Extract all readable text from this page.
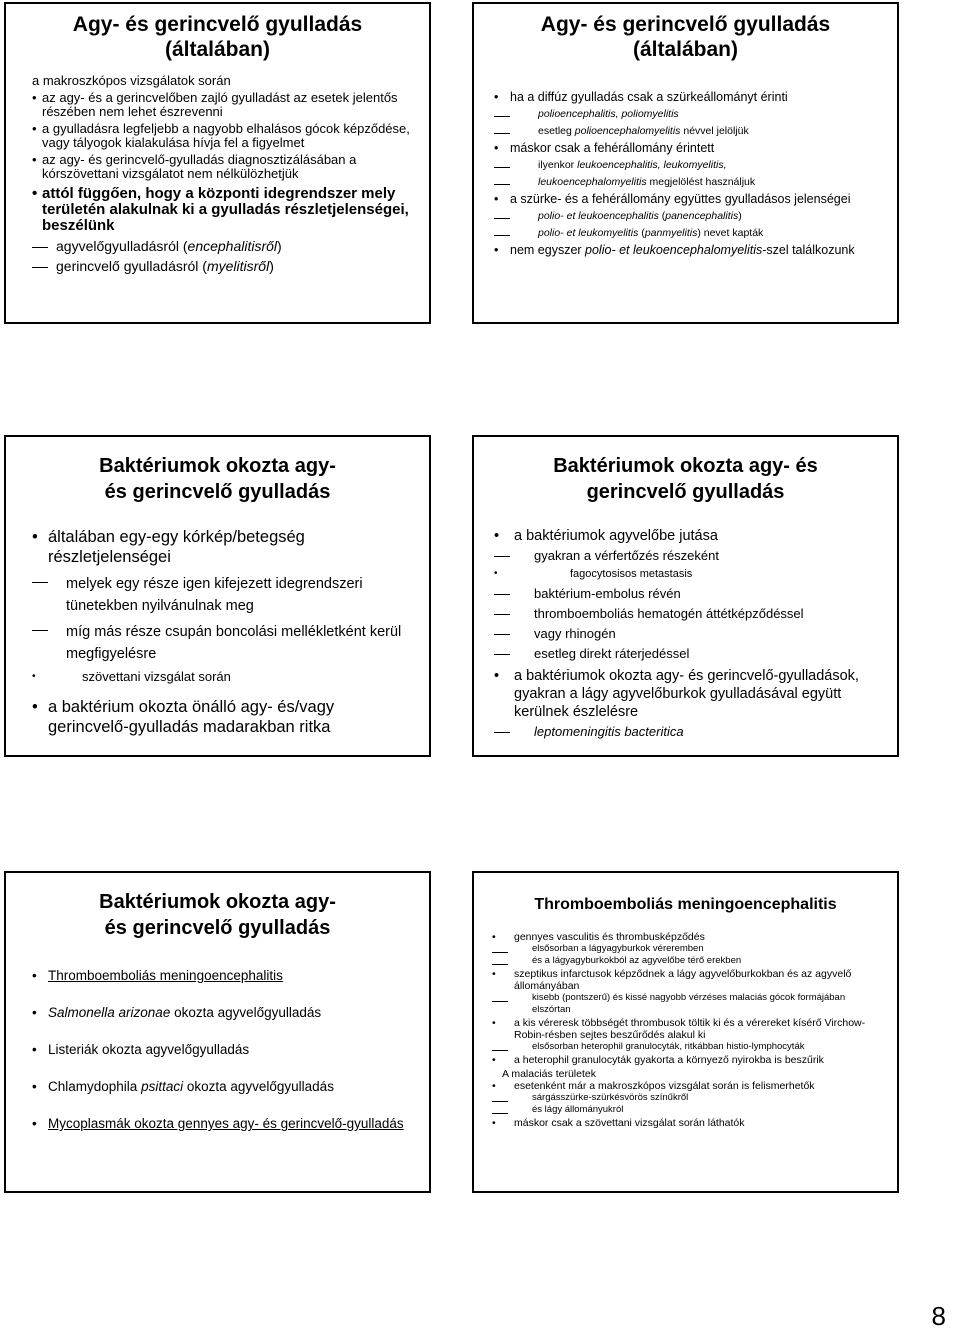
Agy- és gerincvelő gyulladás
(általában)
a makroszkópos vizsgálatok során
• az agy- és a gerincvelőben zajló gyulladást az esetek jelentős részében nem lehet észrevenni
• a gyulladásra legfeljebb a nagyobb elhalásos gócok képződése, vagy tályogok kialakulása hívja fel a figyelmet
• az agy- és gerincvelő-gyulladás diagnosztizálásában a kórszövettani vizsgálatot nem nélkülözhetjük
• attól függően, hogy a központi idegrendszer mely területén alakulnak ki a gyulladás részletjelenségei, beszélünk
agyvelőgyulladásról (encephalitisről)
gerincvelő gyulladásról (myelitisről)
Agy- és gerincvelő gyulladás
(általában)
• ha a diffúz gyulladás csak a szürkeállományt érinti
polioencephalitis, poliomyelitis
esetleg polioencephalomyelitis névvel jelöljük
• máskor csak a fehérállomány érintett
ilyenkor leukoencephalitis, leukomyelitis,
leukoencephalomyelitis megjelölést használjuk
• a szürke- és a fehérállomány együttes gyulladásos jelenségei
polio- et leukoencephalitis (panencephalitis)
polio- et leukomyelitis (panmyelitis) nevet kapták
• nem egyszer polio- et leukoencephalomyelitis-szel találkozunk
Baktériumok okozta agy- és gerincvelő gyulladás
• általában egy-egy kórkép/betegség részletjelenségei
melyek egy része igen kifejezett idegrendszeri tünetekben nyilvánulnak meg
míg más része csupán boncolási mellékletként kerül megfigyelésre
• szövettani vizsgálat során
• a baktérium okozta önálló agy- és/vagy gerincvelő-gyulladás madarakban ritka
Baktériumok okozta agy- és gerincvelő gyulladás
• a baktériumok agyvelőbe jutása
gyakran a vérfertőzés részeként
• fagocytosisos metastasis
baktérium-embolus révén
thromboemboliás hematogén áttétképződéssel
vagy rhinogén
esetleg direkt ráterjedéssel
• a baktériumok okozta agy- és gerincvelő-gyulladások, gyakran a lágy agyvelőburkok gyulladásával együtt kerülnek észlelésre
leptomeningitis bacteritica
Baktériumok okozta agy- és gerincvelő gyulladás
• Thromboemboliás meningoencephalitis
• Salmonella arizonae okozta agyvelőgyulladás
• Listeriák okozta agyvelőgyulladás
• Chlamydophila psittaci okozta agyvelőgyulladás
• Mycoplasmák okozta gennyes agy- és gerincvelő-gyulladás
Thromboemboliás meningoencephalitis
• gennyes vasculitis és thrombusképződés
elsősorban a lágyagyburkok véreremben
és a lágyagyburkokból az agyvelőbe térő erekben
• szeptikus infarctusok képződnek a lágy agyvelőburkokban és az agyvelő állományában
kisebb (pontszerű) és kissé nagyobb vérzéses malaciás gócok formájában elszórtan
• a kis véreresk többségét thrombusok töltik ki és a vérereket kísérő Virchow-Robin-résben sejtes beszűrődés alakul ki
elsősorban heterophil granulocyták, ritkábban histio-lymphocyták
• a heterophil granulocyták gyakorta a környező nyirokba is beszűrik
A malaciás területek
• esetenként már a makroszkópos vizsgálat során is felismerhetők
sárgásszürke-szürkésvörös színűkről
és lágy állományukról
• máskor csak a szövettani vizsgálat során láthatók
8
